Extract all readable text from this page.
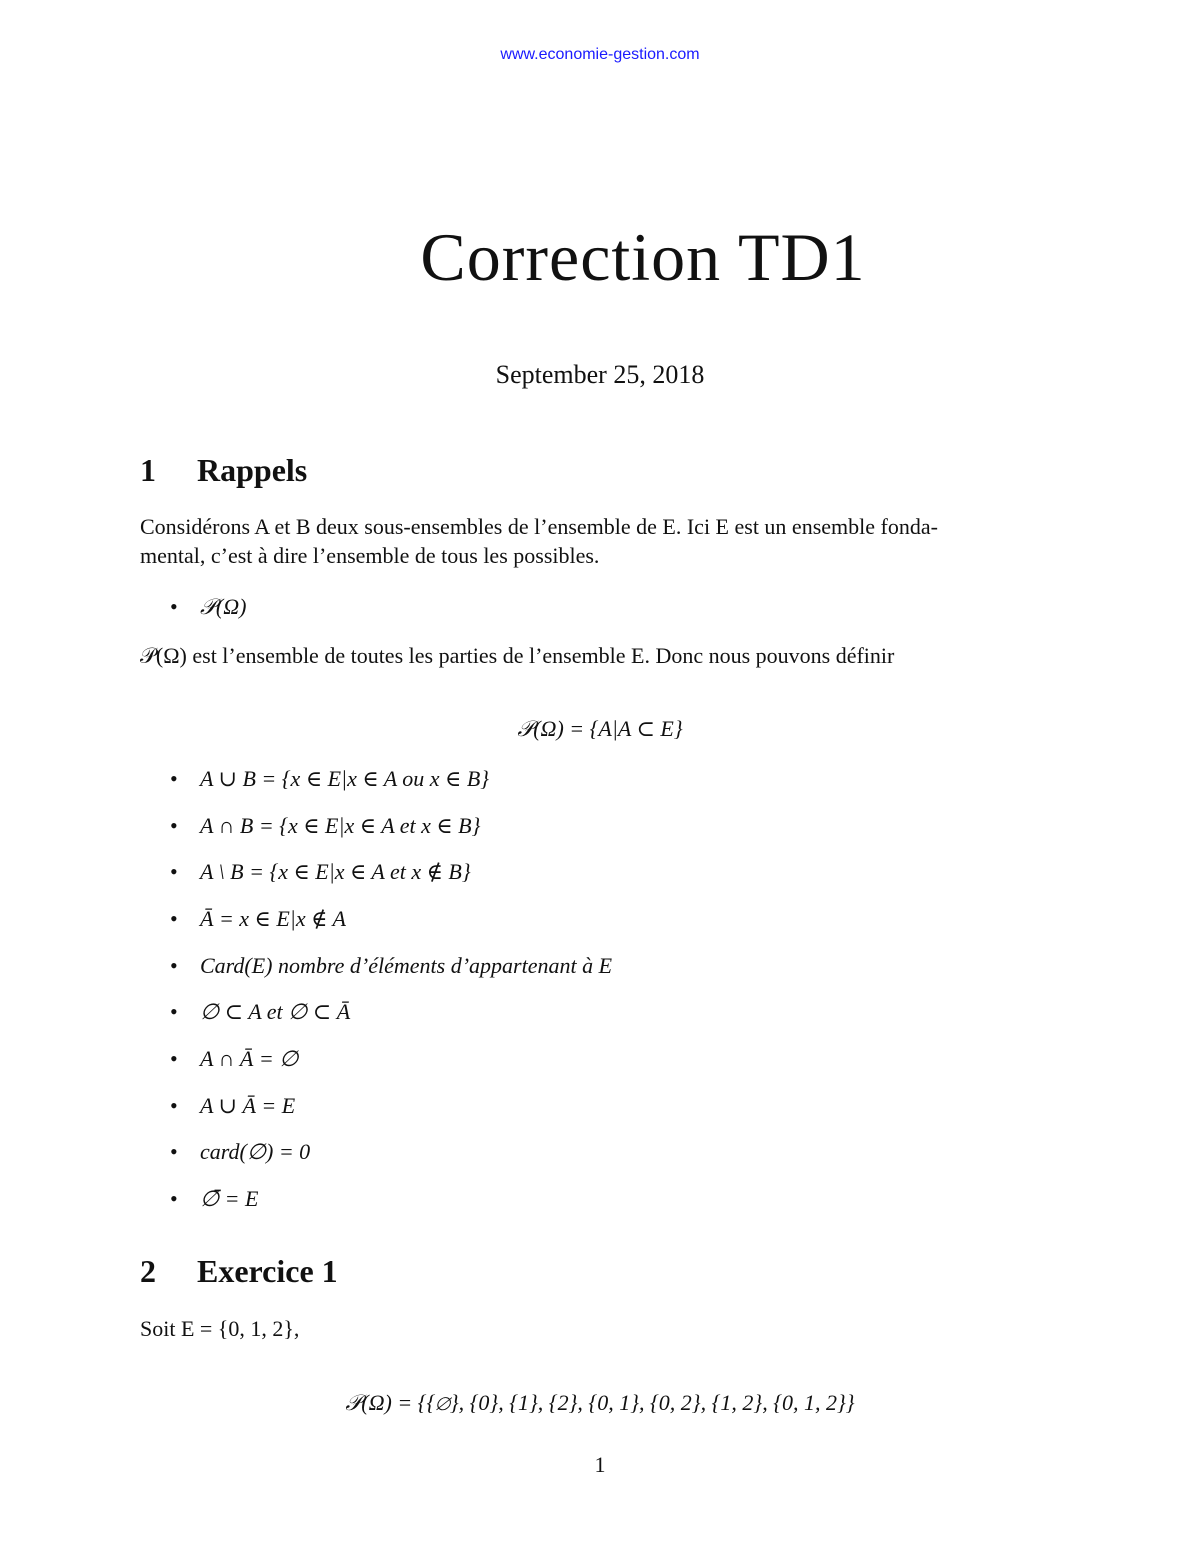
www.economie-gestion.com
Correction TD1
September 25, 2018
1 Rappels

Considérons A et B deux sous-ensembles de l’ensemble de E. Ici E est un ensemble fonda-

mental, c’est à dire l’ensemble de tous les possibles.

• 𝒫(Ω)

𝒫(Ω) est l’ensemble de toutes les parties de l’ensemble E. Donc nous pouvons définir

𝒫(Ω) = {A|A ⊂ E}
• A ∪ B = {x ∈ E|x ∈ A ou x ∈ B}
• A ∩ B = {x ∈ E|x ∈ A et x ∈ B}
• A \ B = {x ∈ E|x ∈ A et x ∉ B}
• Ā = x ∈ E|x ∉ A
• Card(E) nombre d’éléments d’appartenant à E
• ∅ ⊂ A et ∅ ⊂ Ā
• A ∩ Ā = ∅
• A ∪ Ā = E
• card(∅) = 0
• ∅̄ = E
2 Exercice 1

Soit E = {0, 1, 2},

𝒫(Ω) = {{∅}, {0}, {1}, {2}, {0, 1}, {0, 2}, {1, 2}, {0, 1, 2}}
1
